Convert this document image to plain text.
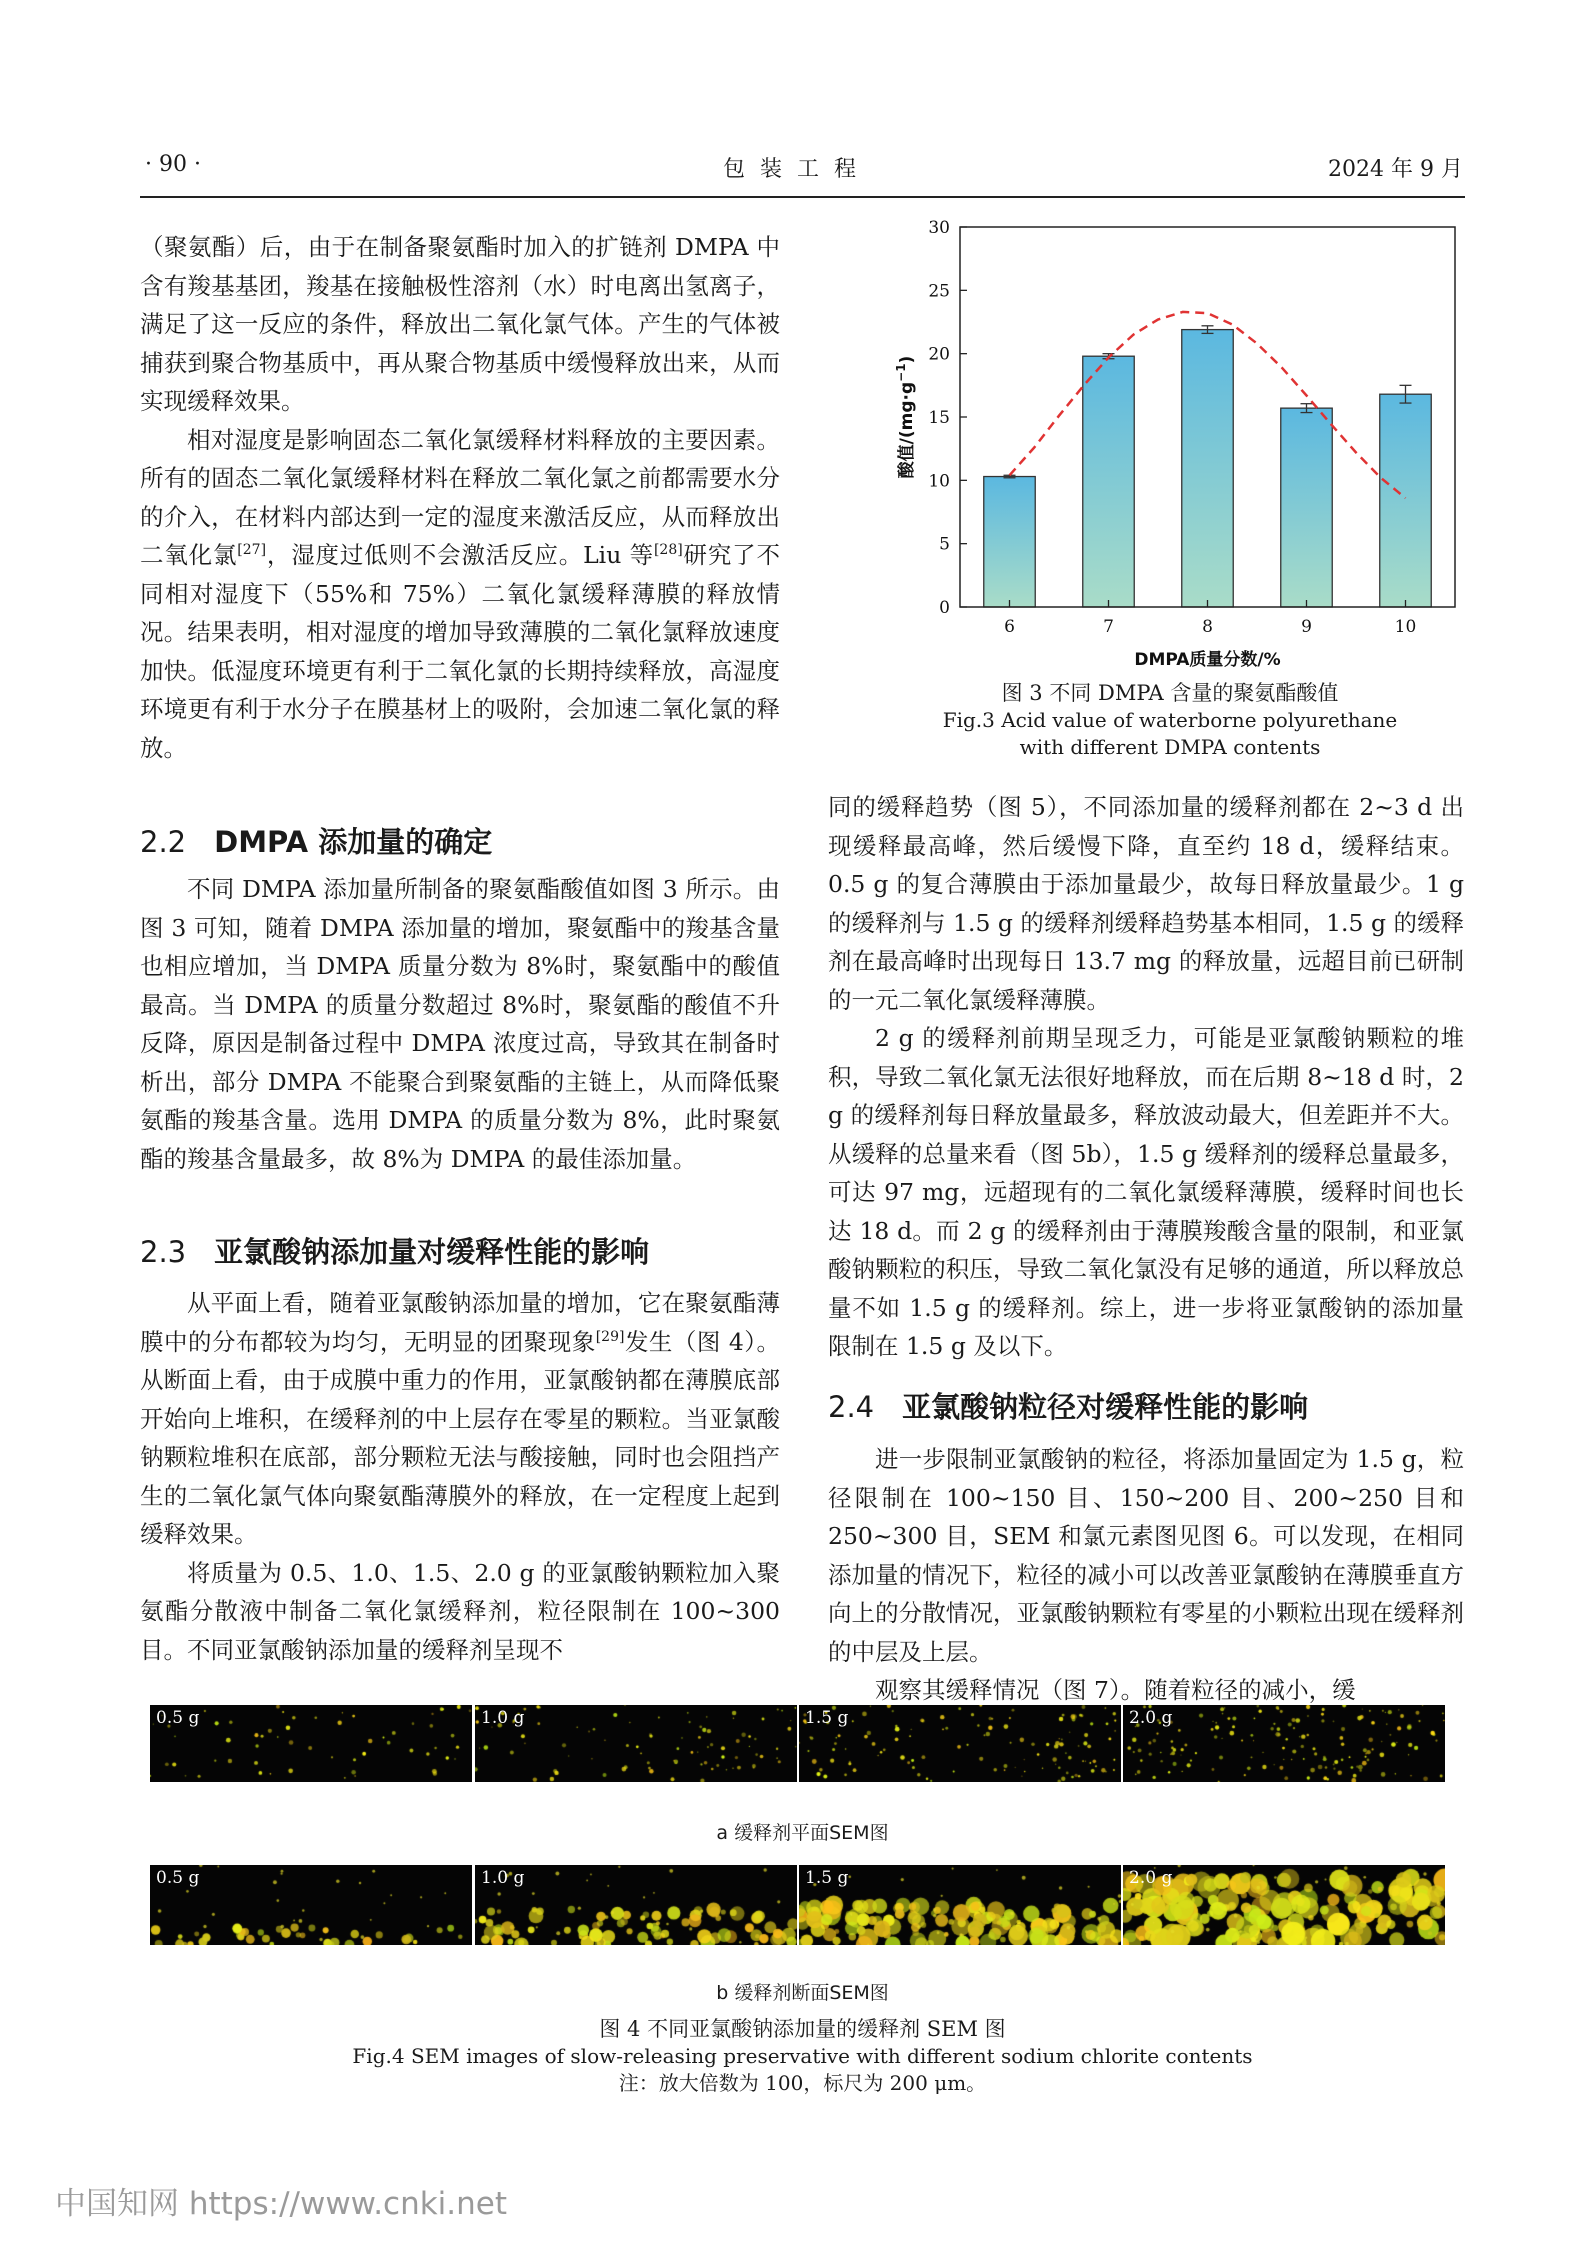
· 90 ·	包 装 工 程	2024 年 9 月

（聚氨酯）后，由于在制备聚氨酯时加入的扩链剂 DMPA 中含有羧基基团，羧基在接触极性溶剂（水）时电离出氢离子，满足了这一反应的条件，释放出二氧化氯气体。产生的气体被捕获到聚合物基质中，再从聚合物基质中缓慢释放出来，从而实现缓释效果。

相对湿度是影响固态二氧化氯缓释材料释放的主要因素。所有的固态二氧化氯缓释材料在释放二氧化氯之前都需要水分的介入，在材料内部达到一定的湿度来激活反应，从而释放出二氧化氯[27]，湿度过低则不会激活反应。Liu 等[28]研究了不同相对湿度下（55%和 75%）二氧化氯缓释薄膜的释放情况。结果表明，相对湿度的增加导致薄膜的二氧化氯释放速度加快。低湿度环境更有利于二氧化氯的长期持续释放，高湿度环境更有利于水分子在膜基材上的吸附，会加速二氧化氯的释放。

2.2 DMPA 添加量的确定

不同 DMPA 添加量所制备的聚氨酯酸值如图 3 所示。由图 3 可知，随着 DMPA 添加量的增加，聚氨酯中的羧基含量也相应增加，当 DMPA 质量分数为 8%时，聚氨酯中的酸值最高。当 DMPA 的质量分数超过 8%时，聚氨酯的酸值不升反降，原因是制备过程中 DMPA 浓度过高，导致其在制备时析出，部分 DMPA 不能聚合到聚氨酯的主链上，从而降低聚氨酯的羧基含量。选用 DMPA 的质量分数为 8%，此时聚氨酯的羧基含量最多，故 8%为 DMPA 的最佳添加量。

2.3 亚氯酸钠添加量对缓释性能的影响

从平面上看，随着亚氯酸钠添加量的增加，它在聚氨酯薄膜中的分布都较为均匀，无明显的团聚现象[29]发生（图 4）。从断面上看，由于成膜中重力的作用，亚氯酸钠都在薄膜底部开始向上堆积，在缓释剂的中上层存在零星的颗粒。当亚氯酸钠颗粒堆积在底部，部分颗粒无法与酸接触，同时也会阻挡产生的二氧化氯气体向聚氨酯薄膜外的释放，在一定程度上起到缓释效果。

将质量为 0.5、1.0、1.5、2.0 g 的亚氯酸钠颗粒加入聚氨酯分散液中制备二氧化氯缓释剂，粒径限制在 100~300 目。不同亚氯酸钠添加量的缓释剂呈现不

0
5
10
15
20
25
30
6	7	8	9	10
DMPA质量分数/%
酸值$/(mg\cdot g^{-1})$
图 3 不同 DMPA 含量的聚氨酯酸值
Fig.3 Acid value of waterborne polyurethane
with different DMPA contents

同的缓释趋势（图 5），不同添加量的缓释剂都在 2~3 d 出现缓释最高峰，然后缓慢下降，直至约 18 d，缓释结束。0.5 g 的复合薄膜由于添加量最少，故每日释放量最少。1 g 的缓释剂与 1.5 g 的缓释剂缓释趋势基本相同，1.5 g 的缓释剂在最高峰时出现每日 13.7 mg 的释放量，远超目前已研制的一元二氧化氯缓释薄膜。

2 g 的缓释剂前期呈现乏力，可能是亚氯酸钠颗粒的堆积，导致二氧化氯无法很好地释放，而在后期 8~18 d 时，2 g 的缓释剂每日释放量最多，释放波动最大，但差距并不大。从缓释的总量来看（图 5b），1.5 g 缓释剂的缓释总量最多，可达 97 mg，远超现有的二氧化氯缓释薄膜，缓释时间也长达 18 d。而 2 g 的缓释剂由于薄膜羧酸含量的限制，和亚氯酸钠颗粒的积压，导致二氧化氯没有足够的通道，所以释放总量不如 1.5 g 的缓释剂。综上，进一步将亚氯酸钠的添加量限制在 1.5 g 及以下。

2.4 亚氯酸钠粒径对缓释性能的影响

进一步限制亚氯酸钠的粒径，将添加量固定为 1.5 g，粒径限制在 100~150 目、150~200 目、200~250 目和 250~300 目，SEM 和氯元素图见图 6。可以发现，在相同添加量的情况下，粒径的减小可以改善亚氯酸钠在薄膜垂直方向上的分散情况，亚氯酸钠颗粒有零星的小颗粒出现在缓释剂的中层及上层。

观察其缓释情况（图 7）。随着粒径的减小，缓

a 缓释剂平面SEM图
b 缓释剂断面SEM图
图 4 不同亚氯酸钠添加量的缓释剂 SEM 图
Fig.4 SEM images of slow-releasing preservative with different sodium chlorite contents
注：放大倍数为 100，标尺为 200 μm。
中国知网 https://www.cnki.net
0.5 g	1.0 g	1.5 g	2.0 g
0.5 g	1.0 g	1.5 g	2.0 g
